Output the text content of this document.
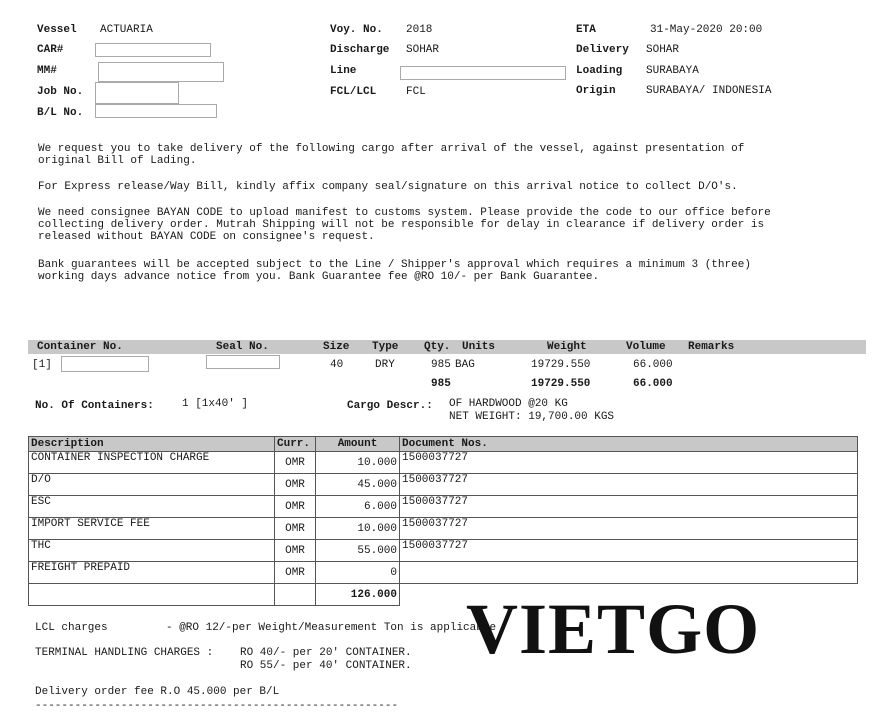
Vessel ACTUARIA
CAR#
MM#
Job No.
B/L No.
Voy. No. 2018
Discharge SOHAR
Line
FCL/LCL	FCL
ETA	31-May-2020 20:00
Delivery SOHAR
Loading SURABAYA
Origin	SURABAYA/ INDONESIA
We request you to take delivery of the following cargo after arrival of the vessel, against presentation of
original Bill of Lading.
For Express release/Way Bill, kindly affix company seal/signature on this arrival notice to collect D/O's.
We need consignee BAYAN CODE to upload manifest to customs system. Please provide the code to our office before
collecting delivery order. Mutrah Shipping will not be responsible for delay in clearance if delivery order is
released without BAYAN CODE on consignee's request.
Bank guarantees will be accepted subject to the Line / Shipper's approval which requires a minimum 3 (three)
working days advance notice from you. Bank Guarantee fee @RO 10/- per Bank Guarantee.
Container No.	Seal No.	Size Type Qty. Units	Weight	Volume Remarks
[1]	40	DRY	985 BAG	19729.550	66.000
985	19729.550	66.000
No. Of Containers:	1 [1x40' ]	Cargo Descr.: OF HARDWOOD @20 KG
NET WEIGHT: 19,700.00 KGS
Description	Curr.	Amount	Document Nos.
CONTAINER INSPECTION CHARGE	OMR	10.000	1500037727
D/O	OMR	45.000	1500037727
ESC	OMR	6.000	1500037727
IMPORT SERVICE FEE	OMR	10.000	1500037727
THC	OMR	55.000	1500037727
FREIGHT PREPAID	OMR	0	
		126.000	
LCL charges	- @RO 12/-per Weight/Measurement Ton is applicable
TERMINAL HANDLING CHARGES : RO 40/- per 20' CONTAINER.
RO 55/- per 40' CONTAINER.
Delivery order fee R.O 45.000 per B/L
-------------------------------------------------------
VIETGO
